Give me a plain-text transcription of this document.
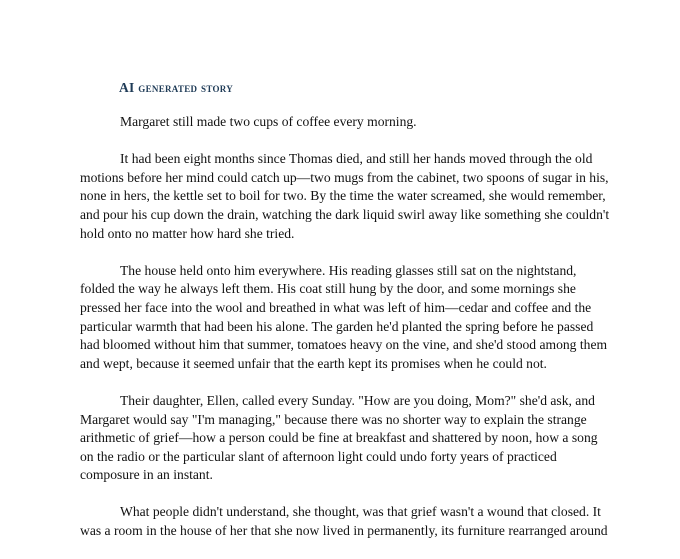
AI generated story

Margaret still made two cups of coffee every morning.

It had been eight months since Thomas died, and still her hands moved through the old
motions before her mind could catch up—two mugs from the cabinet, two spoons of sugar in his,
none in hers, the kettle set to boil for two. By the time the water screamed, she would remember,
and pour his cup down the drain, watching the dark liquid swirl away like something she couldn't
hold onto no matter how hard she tried.

The house held onto him everywhere. His reading glasses still sat on the nightstand,
folded the way he always left them. His coat still hung by the door, and some mornings she
pressed her face into the wool and breathed in what was left of him—cedar and coffee and the
particular warmth that had been his alone. The garden he'd planted the spring before he passed
had bloomed without him that summer, tomatoes heavy on the vine, and she'd stood among them
and wept, because it seemed unfair that the earth kept its promises when he could not.

Their daughter, Ellen, called every Sunday. "How are you doing, Mom?" she'd ask, and
Margaret would say "I'm managing," because there was no shorter way to explain the strange
arithmetic of grief—how a person could be fine at breakfast and shattered by noon, how a song
on the radio or the particular slant of afternoon light could undo forty years of practiced
composure in an instant.

What people didn't understand, she thought, was that grief wasn't a wound that closed. It
was a room in the house of her that she now lived in permanently, its furniture rearranged around
